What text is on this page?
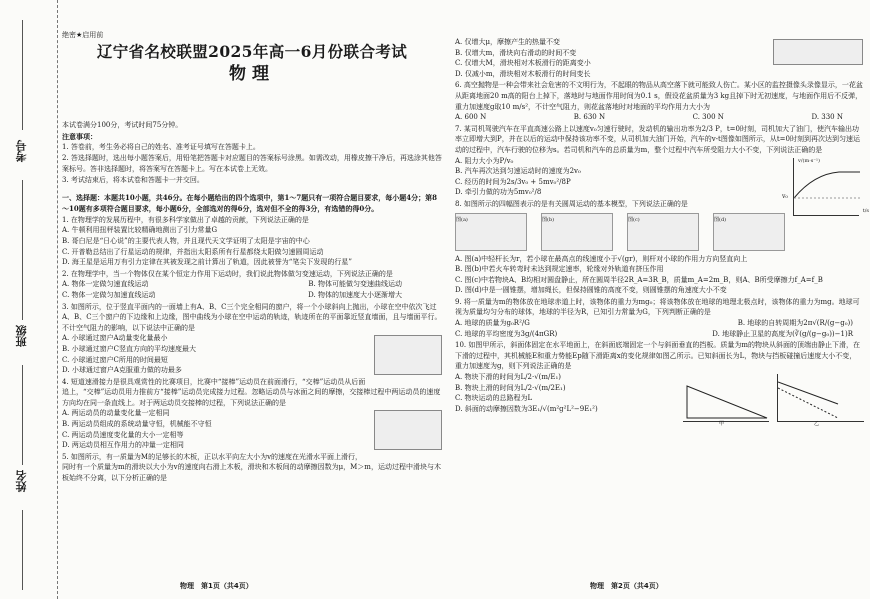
考号
班级
姓名
绝密★启用前
辽宁省名校联盟2025年高一6月份联合考试
物理
本试卷满分100分，考试时间75分钟。
注意事项：
1. 答卷前，考生务必将自己的姓名、准考证号填写在答题卡上。
2. 答选择题时，选出每小题答案后，用铅笔把答题卡对应题目的答案标号涂黑。如需改动，用橡皮擦干净后，再选涂其他答案标号。答非选择题时，将答案写在答题卡上。写在本试卷上无效。
3. 考试结束后，将本试卷和答题卡一并交回。
一、选择题：本题共10小题，共46分。在每小题给出的四个选项中，第1～7题只有一项符合题目要求，每小题4分；第8～10题有多项符合题目要求，每小题6分，全部选对的得6分，选对但不全的得3分，有选错的得0分。
1. 在物理学的发展历程中，有很多科学家做出了卓越的贡献，下列说法正确的是
A. 牛顿利用扭秤装置比较精确地测出了引力常量G
B. 哥白尼是“日心说”的主要代表人物，并且现代天文学证明了太阳是宇宙的中心
C. 开普勒总结出了行星运动的规律，并指出太阳系所有行星都绕太阳做匀速圆周运动
D. 海王星是运用万有引力定律在其被发现之前计算出了轨道，因此被誉为“笔尖下发现的行星”
2. 在物理学中，当一个物体仅在某个恒定力作用下运动时，我们说此物体做匀变速运动，下列说法正确的是
A. 物体一定做匀速直线运动	B. 物体可能做匀变速曲线运动
C. 物体一定做匀加速直线运动	D. 物体的加速度大小逐渐增大
3. 如图所示，位于竖直平面内的一面墙上有A、B、C三个完全相同的窗户，将一个小球斜向上抛出，小球在空中依次飞过A、B、C三个窗户的下边缘和上边缘，图中曲线为小球在空中运动的轨迹，轨迹所在的平面靠近竖直墙面，且与墙面平行。不计空气阻力的影响，以下说法中正确的是
A. 小球通过窗户A动量变化量最小
B. 小球通过窗户C竖直方向的平均速度最大
C. 小球通过窗户C所用的时间最短
D. 小球通过窗户A克服重力做的功最多
4. 短道速滑接力是很具观赏性的比赛项目，比赛中“接棒”运动员在前面滑行，“交棒”运动员从后面追上，“交棒”运动员用力推前方“接棒”运动员完成接力过程。忽略运动员与冰面之间的摩擦，交接棒过程中两运动员的速度方向均在同一条直线上。对于两运动员交接棒的过程，下列说法正确的是
A. 两运动员的动量变化量一定相同
B. 两运动员组成的系统动量守恒，机械能不守恒
C. 两运动员速度变化量的大小一定相等
D. 两运动员相互作用力的冲量一定相同
5. 如图所示，有一质量为M的足够长的木板，正以水平向左大小为v的速度在光滑水平面上滑行，同时有一个质量为m的滑块以大小为v的速度向右滑上木板，滑块和木板间的动摩擦因数为μ，M＞m，运动过程中滑块与木板始终不分离，以下分析正确的是
物理　第1页（共4页）
A. 仅增大μ，摩擦产生的热量不变
B. 仅增大m，滑块向右滑动的时间不变
C. 仅增大M，滑块相对木板滑行的距离变小
D. 仅减小m，滑块相对木板滑行的时间变长
6. 高空抛物是一种会带来社会危害的不文明行为，不起眼的物品从高空落下就可能致人伤亡。某小区的监控摄像头录像显示，一花盆从距离地面20 m高的阳台上掉下，落地时与地面作用时间为0.1 s，假设花盆质量为3 kg且掉下时无初速度，与地面作用后不反弹，重力加速度g取10 m/s²，不计空气阻力，则花盆落地时对地面的平均作用力大小为
A. 600 N	B. 630 N	C. 300 N	D. 330 N
7. 某司机驾驶汽车在平直高速公路上以速度v₀匀速行驶时，发动机的输出功率为2/3 P，t=0时刻，司机加大了油门，使汽车输出功率立即增大到P，并在以后的运动中保持该功率不变，从司机加大油门开始，汽车的v-t图像如图所示，从t=0时刻到再次达到匀速运动的过程中，汽车行驶的位移为s。若司机和汽车的总质量为m，整个过程中汽车所受阻力大小不变，下列说法正确的是
v₀
v/(m·s⁻¹)
t/s
A. 阻力大小为P/v₀
B. 汽车再次达到匀速运动时的速度为2v₀
C. 经历的时间为2s/3v₀ + 5mv₀²/8P
D. 牵引力做的功为5mv₀²/8
8. 如图所示的四幅图表示的是有关圆周运动的基本模型，下列说法正确的是
图(a)	图(b)	图(c)	图(d)
A. 图(a)中轻杆长为r，若小球在最高点的线速度小于√(gr)，则杆对小球的作用力方向竖直向上
B. 图(b)中若火车转弯时未达到规定速率，轮缘对外轨道有挤压作用
C. 图(c)中若物块A、B均相对圆盘静止，所在圆周半径2R_A=3R_B，质量m_A=2m_B，则A、B所受摩擦力f_A=f_B
D. 图(d)中是一圆锥摆，增加绳长，但保持圆锥的高度不变，则圆锥摆的角速度大小不变
9. 将一质量为m的物体放在地球赤道上时，该物体的重力为mg₀；将该物体放在地球的地理北极点时，该物体的重力为mg。地球可视为质量均匀分布的球体，地球的半径为R，已知引力常量为G，下列判断正确的是
A. 地球的质量为g₀R²/G	B. 地球的自转周期为2π√(R/(g−g₀))
C. 地球的平均密度为3g/(4πGR)	D. 地球静止卫星的高度为(∛(g/(g−g₀))−1)R
10. 如图甲所示，斜面体固定在水平地面上，在斜面底端固定一个与斜面垂直的挡板。质量为m的物块从斜面的顶端由静止下滑，在下滑的过程中，其机械能E和重力势能Ep随下滑距离x的变化规律如图乙所示。已知斜面长为L，物块与挡板碰撞后速度大小不变，重力加速度为g，则下列说法正确的是
甲	乙
A. 物块下滑的时间为L/2·√(m/E₁)
B. 物块上滑的时间为L/2·√(m/2E₁)
C. 物块运动的总路程为L
D. 斜面的动摩擦因数为3E₁/√(m²g²L²−9E₁²)
物理　第2页（共4页）
